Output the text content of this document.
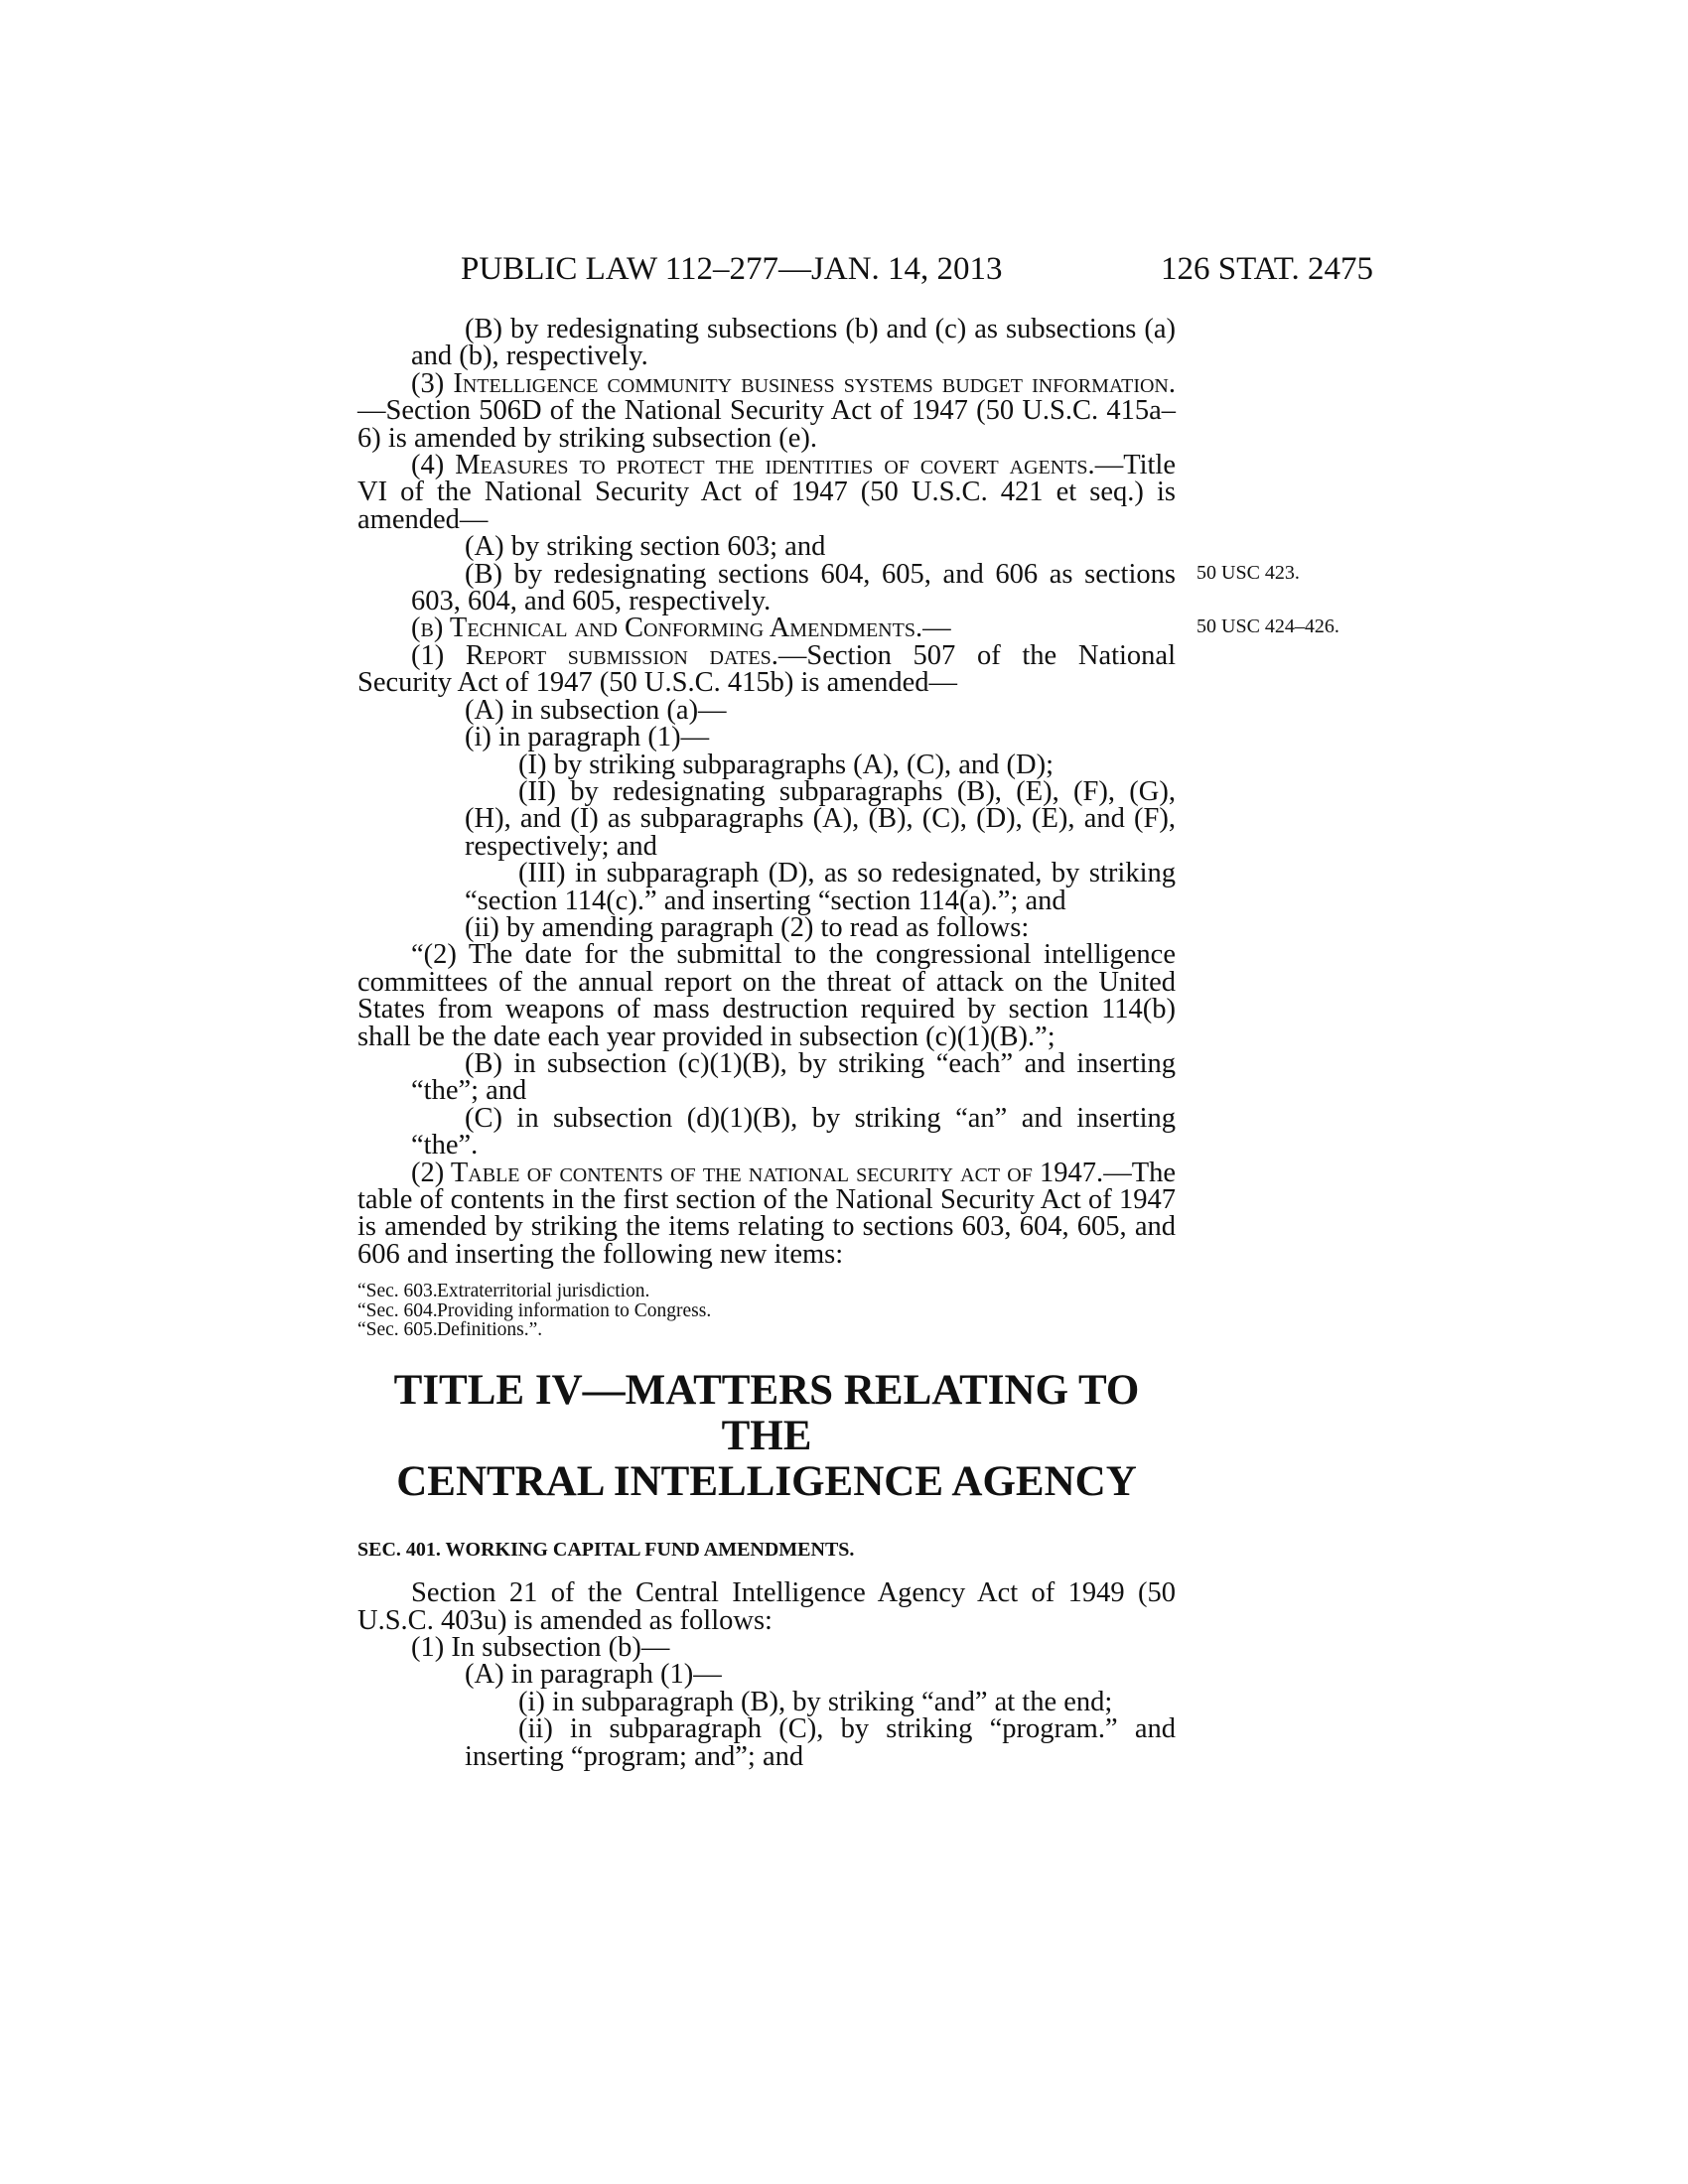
PUBLIC LAW 112–277—JAN. 14, 2013	126 STAT. 2475
50 USC 423.
50 USC 424–426.

(B) by redesignating subsections (b) and (c) as subsections (a) and (b), respectively.

(3) Intelligence community business systems budget information.—Section 506D of the National Security Act of 1947 (50 U.S.C. 415a–6) is amended by striking subsection (e).

(4) Measures to protect the identities of covert agents.—Title VI of the National Security Act of 1947 (50 U.S.C. 421 et seq.) is amended—

(A) by striking section 603; and

(B) by redesignating sections 604, 605, and 606 as sections 603, 604, and 605, respectively.

(b) Technical and Conforming Amendments.—

(1) Report submission dates.—Section 507 of the National Security Act of 1947 (50 U.S.C. 415b) is amended—

(A) in subsection (a)—

(i) in paragraph (1)—

(I) by striking subparagraphs (A), (C), and (D);

(II) by redesignating subparagraphs (B), (E), (F), (G), (H), and (I) as subparagraphs (A), (B), (C), (D), (E), and (F), respectively; and

(III) in subparagraph (D), as so redesignated, by striking “section 114(c).” and inserting “section 114(a).”; and

(ii) by amending paragraph (2) to read as follows:

“(2) The date for the submittal to the congressional intelligence committees of the annual report on the threat of attack on the United States from weapons of mass destruction required by section 114(b) shall be the date each year provided in subsection (c)(1)(B).”;

(B) in subsection (c)(1)(B), by striking “each” and inserting “the”; and

(C) in subsection (d)(1)(B), by striking “an” and inserting “the”.

(2) Table of contents of the national security act of 1947.—The table of contents in the first section of the National Security Act of 1947 is amended by striking the items relating to sections 603, 604, 605, and 606 and inserting the following new items:

“Sec. 603.Extraterritorial jurisdiction.

“Sec. 604.Providing information to Congress.

“Sec. 605.Definitions.”.

TITLE IV—MATTERS RELATING TO THE

CENTRAL INTELLIGENCE AGENCY

SEC. 401. WORKING CAPITAL FUND AMENDMENTS.

Section 21 of the Central Intelligence Agency Act of 1949 (50 U.S.C. 403u) is amended as follows:

(1) In subsection (b)—

(A) in paragraph (1)—

(i) in subparagraph (B), by striking “and” at the end;

(ii) in subparagraph (C), by striking “program.” and inserting “program; and”; and
